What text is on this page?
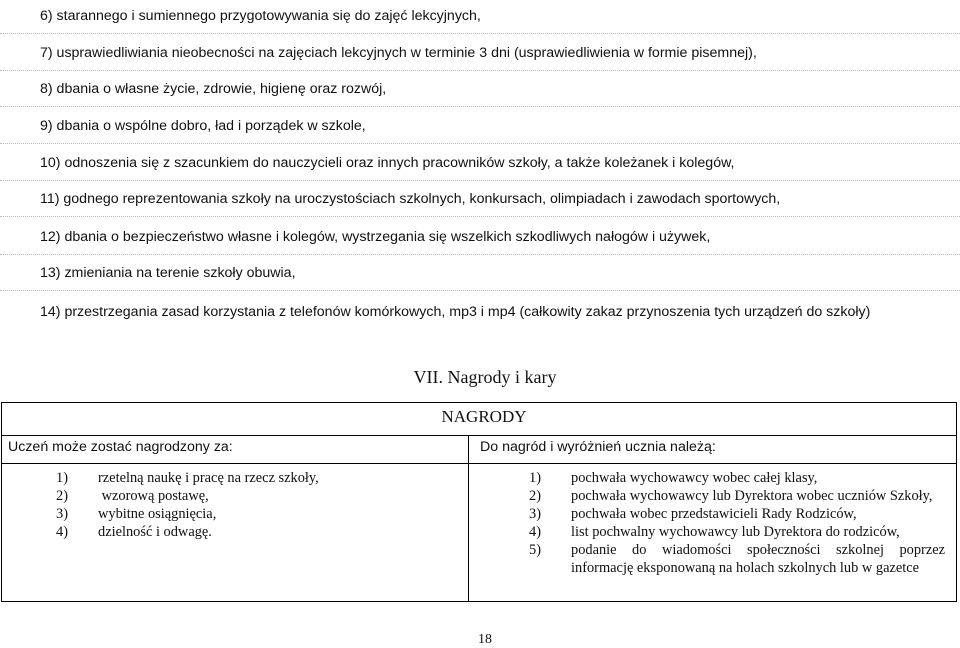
6) starannego i sumiennego przygotowywania się do zajęć lekcyjnych,
7) usprawiedliwiania nieobecności na zajęciach lekcyjnych w terminie 3 dni (usprawiedliwienia w formie pisemnej),
8) dbania o własne życie, zdrowie, higienę oraz rozwój,
9) dbania o wspólne dobro, ład i porządek w szkole,
10) odnoszenia się z szacunkiem do nauczycieli oraz innych pracowników szkoły, a także koleżanek i kolegów,
11) godnego reprezentowania szkoły na uroczystościach szkolnych, konkursach, olimpiadach i zawodach sportowych,
12) dbania o bezpieczeństwo własne i kolegów, wystrzegania się wszelkich szkodliwych nałogów i używek,
13) zmieniania na terenie szkoły obuwia,
14) przestrzegania zasad korzystania z telefonów komórkowych, mp3 i mp4 (całkowity zakaz przynoszenia tych urządzeń do szkoły)
VII. Nagrody i kary
NAGRODY
Uczeń może zostać nagrodzony za:	Do nagród i wyróżnień ucznia należą:
1) rzetelną naukę i pracę na rzecz szkoły,
2) wzorową postawę,
3) wybitne osiągnięcia,
4) dzielność i odwagę.
1) pochwała wychowawcy wobec całej klasy,
2) pochwała wychowawcy lub Dyrektora wobec uczniów Szkoły,
3) pochwała wobec przedstawicieli Rady Rodziców,
4) list pochwalny wychowawcy lub Dyrektora do rodziców,
5) podanie do wiadomości społeczności szkolnej poprzez informację eksponowaną na holach szkolnych lub w gazetce
18
